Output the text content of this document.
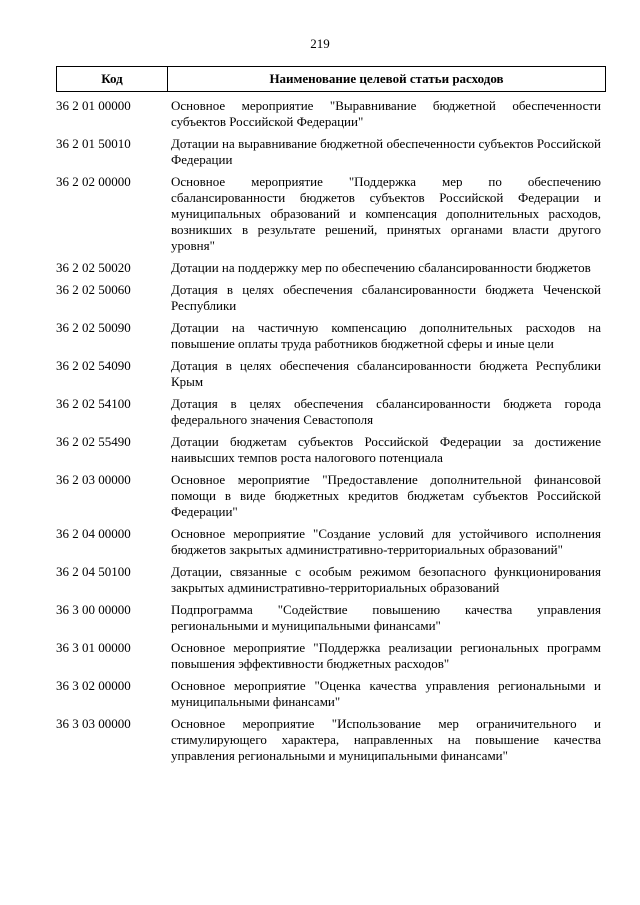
219
Код	Наименование целевой статьи расходов
36 2 01 00000	Основное мероприятие "Выравнивание бюджетной обеспеченности субъектов Российской Федерации"
36 2 01 50010	Дотации на выравнивание бюджетной обеспеченности субъектов Российской Федерации
36 2 02 00000	Основное мероприятие "Поддержка мер по обеспечению сбалансированности бюджетов субъектов Российской Федерации и муниципальных образований и компенсация дополнительных расходов, возникших в результате решений, принятых органами власти другого уровня"
36 2 02 50020	Дотации на поддержку мер по обеспечению сбалансированности бюджетов
36 2 02 50060	Дотация в целях обеспечения сбалансированности бюджета Чеченской Республики
36 2 02 50090	Дотации на частичную компенсацию дополнительных расходов на повышение оплаты труда работников бюджетной сферы и иные цели
36 2 02 54090	Дотация в целях обеспечения сбалансированности бюджета Республики Крым
36 2 02 54100	Дотация в целях обеспечения сбалансированности бюджета города федерального значения Севастополя
36 2 02 55490	Дотации бюджетам субъектов Российской Федерации за достижение наивысших темпов роста налогового потенциала
36 2 03 00000	Основное мероприятие "Предоставление дополнительной финансовой помощи в виде бюджетных кредитов бюджетам субъектов Российской Федерации"
36 2 04 00000	Основное мероприятие "Создание условий для устойчивого исполнения бюджетов закрытых административно-территориальных образований"
36 2 04 50100	Дотации, связанные с особым режимом безопасного функционирования закрытых административно-территориальных образований
36 3 00 00000	Подпрограмма "Содействие повышению качества управления региональными и муниципальными финансами"
36 3 01 00000	Основное мероприятие "Поддержка реализации региональных программ повышения эффективности бюджетных расходов"
36 3 02 00000	Основное мероприятие "Оценка качества управления региональными и муниципальными финансами"
36 3 03 00000	Основное мероприятие "Использование мер ограничительного и стимулирующего характера, направленных на повышение качества управления региональными и муниципальными финансами"
